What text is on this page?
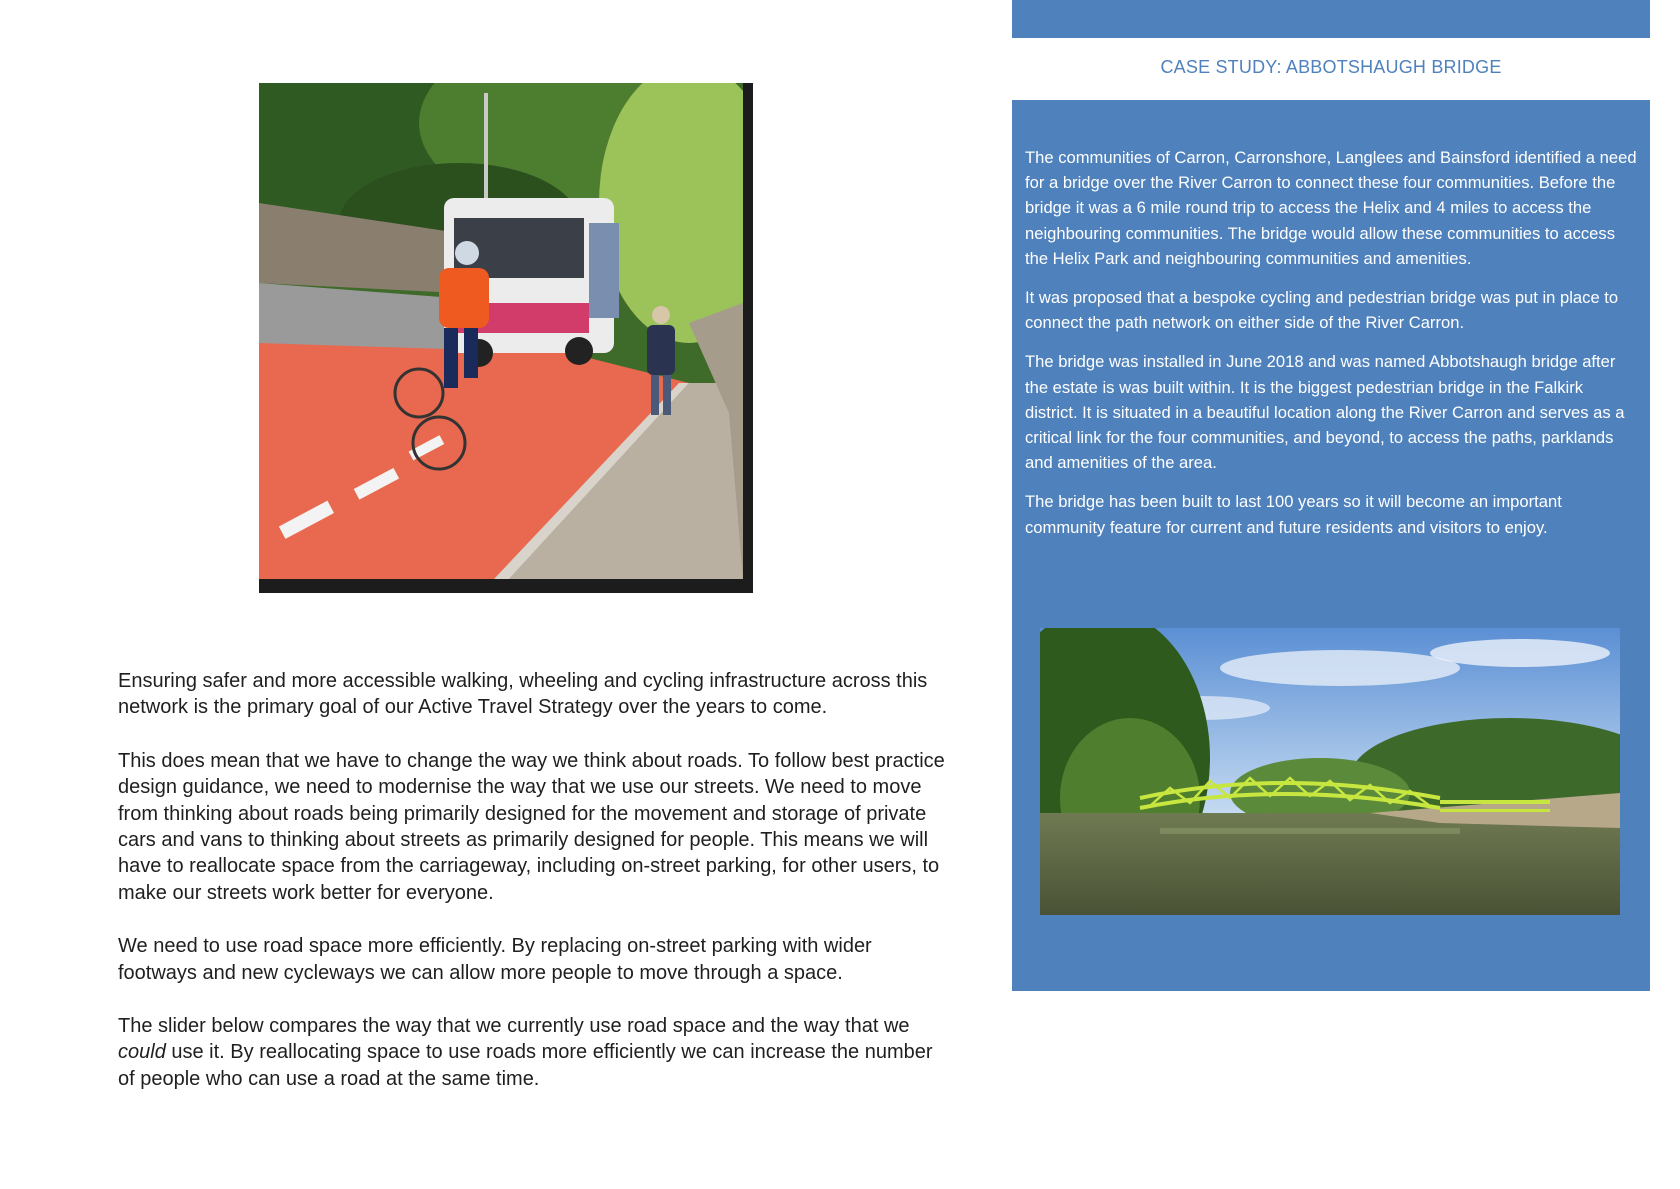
Ensuring safer and more accessible walking, wheeling and cycling infrastructure across this network is the primary goal of our Active Travel Strategy over the years to come.

This does mean that we have to change the way we think about roads. To follow best practice design guidance, we need to modernise the way that we use our streets. We need to move from thinking about roads being primarily designed for the movement and storage of private cars and vans to thinking about streets as primarily designed for people. This means we will have to reallocate space from the carriageway, including on-street parking, for other users, to make our streets work better for everyone.

We need to use road space more efficiently. By replacing on-street parking with wider footways and new cycleways we can allow more people to move through a space.

The slider below compares the way that we currently use road space and the way that we could use it. By reallocating space to use roads more efficiently we can increase the number of people who can use a road at the same time.

CASE STUDY: ABBOTSHAUGH BRIDGE

The communities of Carron, Carronshore, Langlees and Bainsford identified a need for a bridge over the River Carron to connect these four communities. Before the bridge it was a 6 mile round trip to access the Helix and 4 miles to access the neighbouring communities. The bridge would allow these communities to access the Helix Park and neighbouring communities and amenities.

It was proposed that a bespoke cycling and pedestrian bridge was put in place to connect the path network on either side of the River Carron.

The bridge was installed in June 2018 and was named Abbotshaugh bridge after the estate is was built within. It is the biggest pedestrian bridge in the Falkirk district. It is situated in a beautiful location along the River Carron and serves as a critical link for the four communities, and beyond, to access the paths, parklands and amenities of the area.

The bridge has been built to last 100 years so it will become an important community feature for current and future residents and visitors to enjoy.
